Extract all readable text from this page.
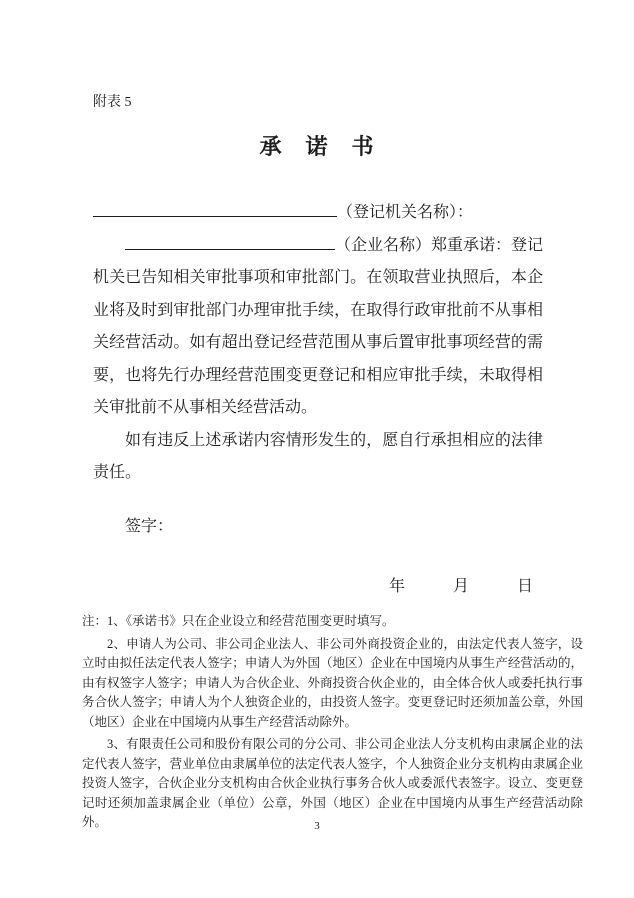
附表 5
承　诺　书
（登记机关名称）：
（企业名称）郑重承诺：登记机关已告知相关审批事项和审批部门。在领取营业执照后，本企业将及时到审批部门办理审批手续，在取得行政审批前不从事相关经营活动。如有超出登记经营范围从事后置审批事项经营的需要，也将先行办理经营范围变更登记和相应审批手续，未取得相关审批前不从事相关经营活动。
如有违反上述承诺内容情形发生的，愿自行承担相应的法律责任。
签字：
年　　　月　　　日
注：1、《承诺书》只在企业设立和经营范围变更时填写。
2、申请人为公司、非公司企业法人、非公司外商投资企业的，由法定代表人签字，设立时由拟任法定代表人签字；申请人为外国（地区）企业在中国境内从事生产经营活动的，由有权签字人签字；申请人为合伙企业、外商投资合伙企业的，由全体合伙人或委托执行事务合伙人签字；申请人为个人独资企业的，由投资人签字。变更登记时还须加盖公章，外国（地区）企业在中国境内从事生产经营活动除外。
3、有限责任公司和股份有限公司的分公司、非公司企业法人分支机构由隶属企业的法定代表人签字，营业单位由隶属单位的法定代表人签字，个人独资企业分支机构由隶属企业投资人签字，合伙企业分支机构由合伙企业执行事务合伙人或委派代表签字。设立、变更登记时还须加盖隶属企业（单位）公章，外国（地区）企业在中国境内从事生产经营活动除外。	3
